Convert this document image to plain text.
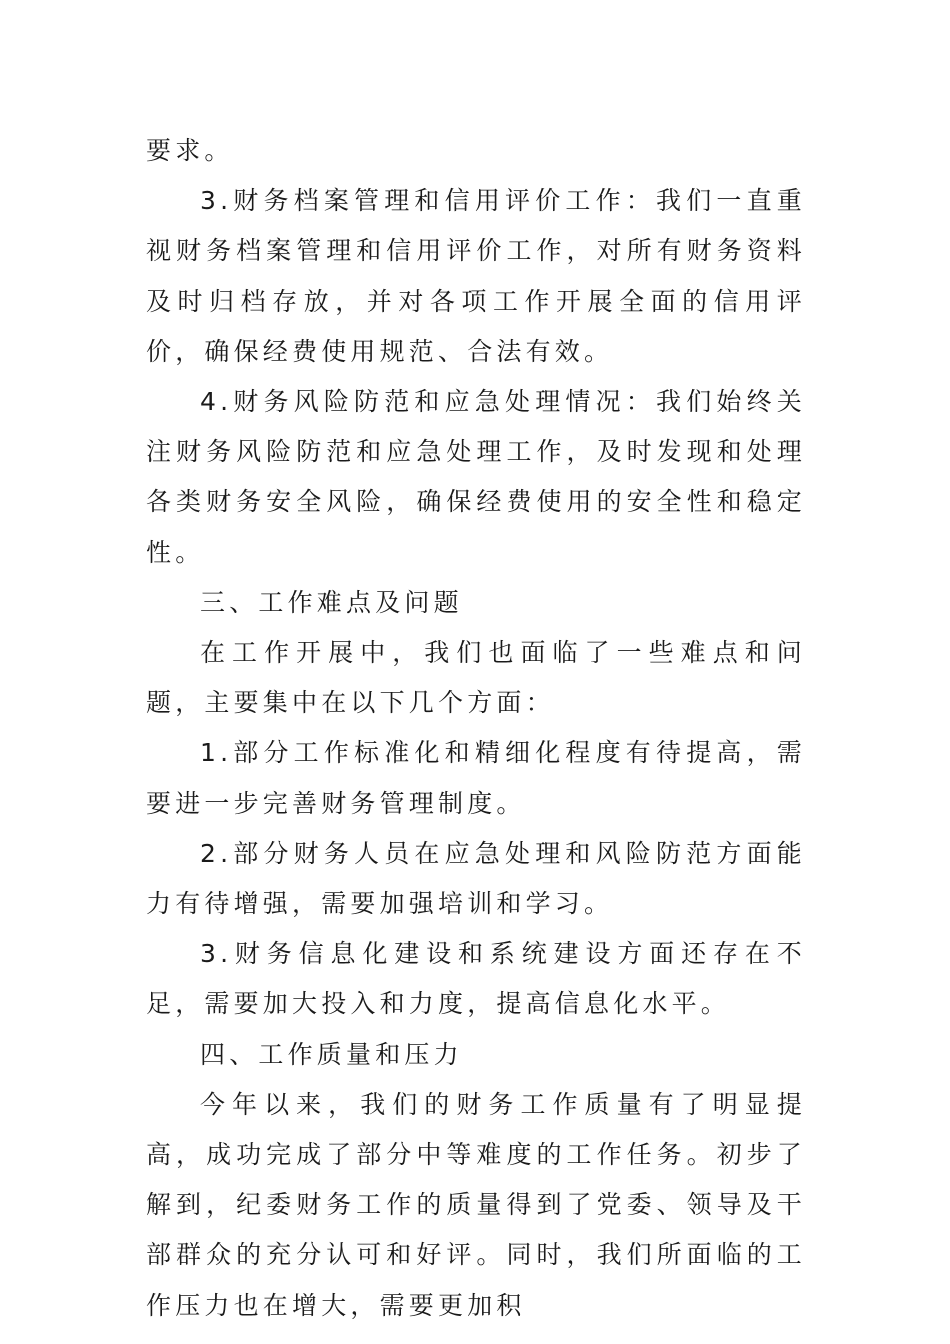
要求。

3.财务档案管理和信用评价工作：我们一直重视财务档案管理和信用评价工作，对所有财务资料及时归档存放，并对各项工作开展全面的信用评价，确保经费使用规范、合法有效。

4.财务风险防范和应急处理情况：我们始终关注财务风险防范和应急处理工作，及时发现和处理各类财务安全风险，确保经费使用的安全性和稳定性。

三、工作难点及问题

在工作开展中，我们也面临了一些难点和问题，主要集中在以下几个方面：

1.部分工作标准化和精细化程度有待提高，需要进一步完善财务管理制度。

2.部分财务人员在应急处理和风险防范方面能力有待增强，需要加强培训和学习。

3.财务信息化建设和系统建设方面还存在不足，需要加大投入和力度，提高信息化水平。

四、工作质量和压力

今年以来，我们的财务工作质量有了明显提高，成功完成了部分中等难度的工作任务。初步了解到，纪委财务工作的质量得到了党委、领导及干部群众的充分认可和好评。同时，我们所面临的工作压力也在增大，需要更加积
